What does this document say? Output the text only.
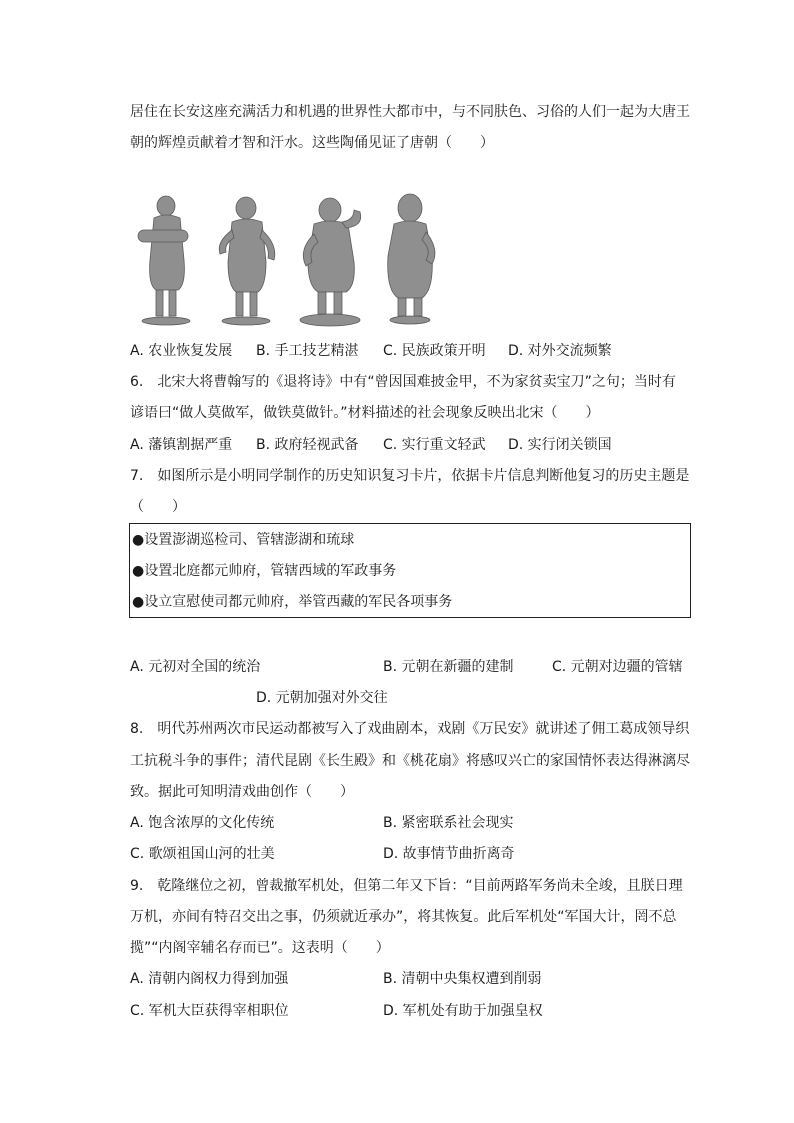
居住在长安这座充满活力和机遇的世界性大都市中，与不同肤色、习俗的人们一起为大唐王
朝的辉煌贡献着才智和汗水。这些陶俑见证了唐朝（　　）
A. 农业恢复发展 B. 手工技艺精湛 C. 民族政策开明 D. 对外交流频繁
6.　北宋大将曹翰写的《退将诗》中有“曾因国难披金甲，不为家贫卖宝刀”之句；当时有
谚语曰“做人莫做军，做铁莫做针。”材料描述的社会现象反映出北宋（　　）
A. 藩镇割据严重 B. 政府轻视武备 C. 实行重文轻武 D. 实行闭关锁国
7.　如图所示是小明同学制作的历史知识复习卡片，依据卡片信息判断他复习的历史主题是
（　　）
●设置澎湖巡检司、管辖澎湖和琉球
●设置北庭都元帅府，管辖西域的军政事务
●设立宣慰使司都元帅府，举管西藏的军民各项事务
A. 元初对全国的统治	B. 元朝在新疆的建制	C. 元朝对边疆的管辖
D. 元朝加强对外交往
8.　明代苏州两次市民运动都被写入了戏曲剧本，戏剧《万民安》就讲述了佣工葛成领导织
工抗税斗争的事件；清代昆剧《长生殿》和《桃花扇》将感叹兴亡的家国情怀表达得淋漓尽
致。据此可知明清戏曲创作（　　）
A. 饱含浓厚的文化传统	B. 紧密联系社会现实
C. 歌颂祖国山河的壮美	D. 故事情节曲折离奇
9.　乾隆继位之初，曾裁撤军机处，但第二年又下旨：“目前两路军务尚未全竣，且朕日理
万机，亦间有特召交出之事，仍须就近承办”，将其恢复。此后军机处“军国大计，罔不总
揽”“内阁宰辅名存而已”。这表明（　　）
A. 清朝内阁权力得到加强	B. 清朝中央集权遭到削弱
C. 军机大臣获得宰相职位	D. 军机处有助于加强皇权
